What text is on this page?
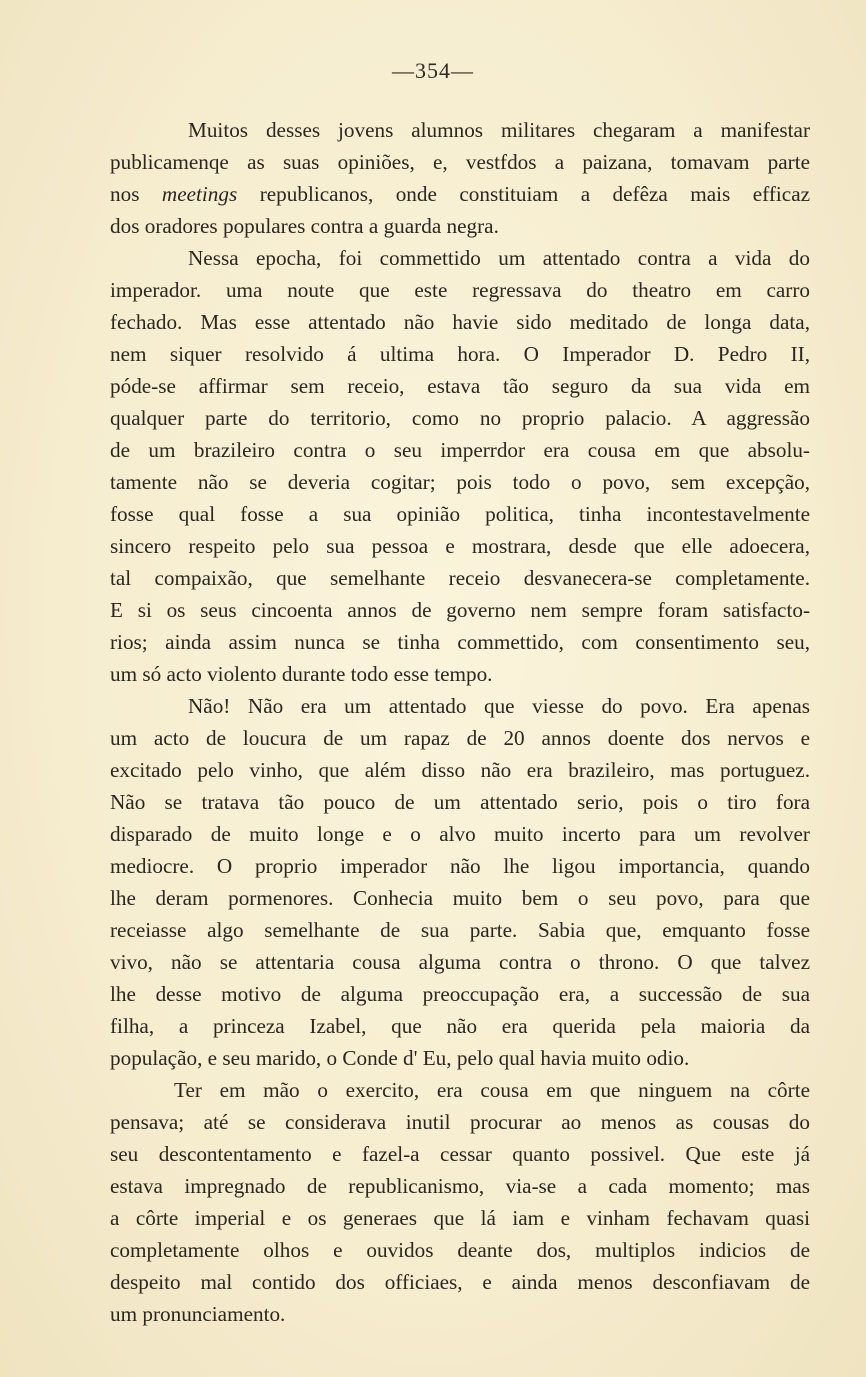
—354—
Muitos desses jovens alumnos militares chegaram a manifestar
publicamenqe as suas opiniões, e, vestfdos a paizana, tomavam parte
nos meetings republicanos, onde constituiam a defêza mais efficaz
dos oradores populares contra a guarda negra.
Nessa epocha, foi commettido um attentado contra a vida do
imperador. uma noute que este regressava do theatro em carro
fechado. Mas esse attentado não havie sido meditado de longa data,
nem siquer resolvido á ultima hora. O Imperador D. Pedro II,
póde-se affirmar sem receio, estava tão seguro da sua vida em
qualquer parte do territorio, como no proprio palacio. A aggressão
de um brazileiro contra o seu imperrdor era cousa em que absolu-
tamente não se deveria cogitar; pois todo o povo, sem excepção,
fosse qual fosse a sua opinião politica, tinha incontestavelmente
sincero respeito pelo sua pessoa e mostrara, desde que elle adoecera,
tal compaixão, que semelhante receio desvanecera-se completamente.
E si os seus cincoenta annos de governo nem sempre foram satisfacto-
rios; ainda assim nunca se tinha commettido, com consentimento seu,
um só acto violento durante todo esse tempo.
Não! Não era um attentado que viesse do povo. Era apenas
um acto de loucura de um rapaz de 20 annos doente dos nervos e
excitado pelo vinho, que além disso não era brazileiro, mas portuguez.
Não se tratava tão pouco de um attentado serio, pois o tiro fora
disparado de muito longe e o alvo muito incerto para um revolver
mediocre. O proprio imperador não lhe ligou importancia, quando
lhe deram pormenores. Conhecia muito bem o seu povo, para que
receiasse algo semelhante de sua parte. Sabia que, emquanto fosse
vivo, não se attentaria cousa alguma contra o throno. O que talvez
lhe desse motivo de alguma preoccupação era, a successão de sua
filha, a princeza Izabel, que não era querida pela maioria da
população, e seu marido, o Conde d' Eu, pelo qual havia muito odio.
Ter em mão o exercito, era cousa em que ninguem na côrte
pensava; até se considerava inutil procurar ao menos as cousas do
seu descontentamento e fazel-a cessar quanto possivel. Que este já
estava impregnado de republicanismo, via-se a cada momento; mas
a côrte imperial e os generaes que lá iam e vinham fechavam quasi
completamente olhos e ouvidos deante dos, multiplos indicios de
despeito mal contido dos officiaes, e ainda menos desconfiavam de
um pronunciamento.
